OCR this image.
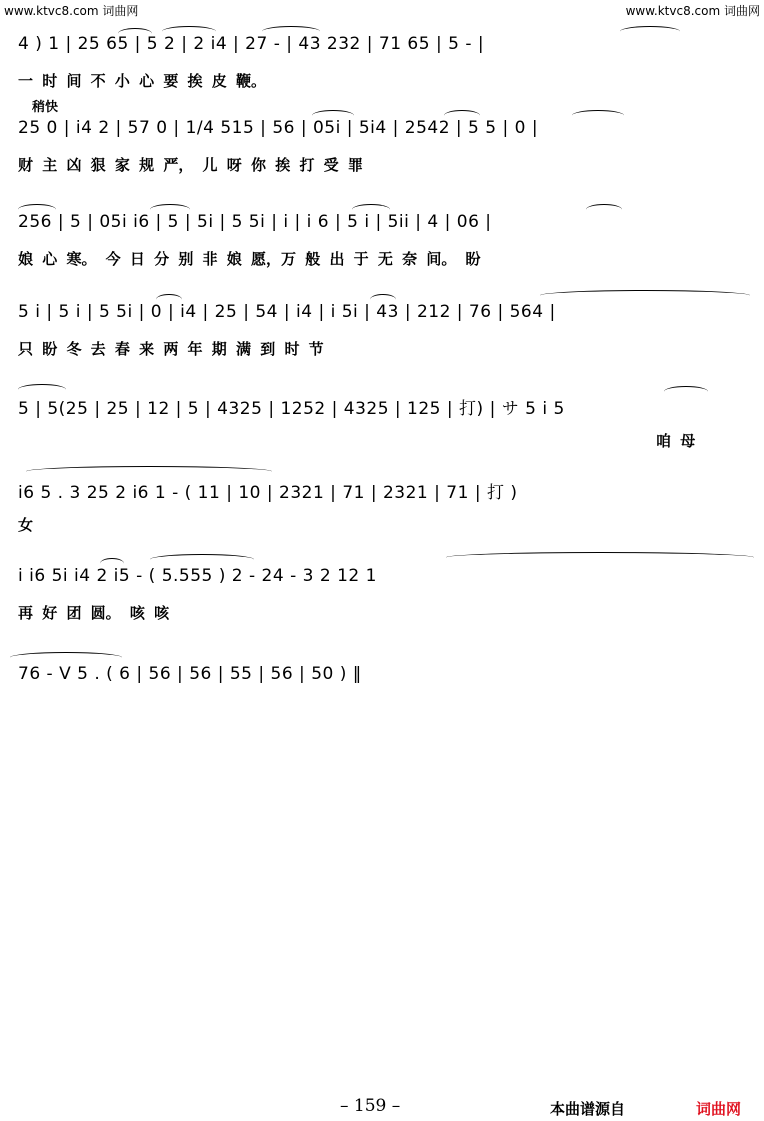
www.ktvc8.com 词曲网	www.ktvc8.com 词曲网
4 ) 1 | 25 65 | 5 2 | 2 i4 | 27 - | 43 232 | 71 65 | 5 - |
一 时 间 不 小 心 要 挨 皮 鞭。
稍快
25 0 | i4 2 | 57 0 | 1/4 515 | 56 | 05i | 5i4 | 2542 | 5 5 | 0 |
财 主 凶 狠 家 规 严， 儿 呀 你 挨 打 受 罪
256 | 5 | 05i i6 | 5 | 5i | 5 5i | i | i 6 | 5 i | 5ii | 4 | 06 |
娘 心 寒。 今 日 分 别 非 娘 愿，万 般 出 于 无 奈 间。 盼
5 i | 5 i | 5 5i | 0 | i4 | 25 | 54 | i4 | i 5i | 43 | 212 | 76 | 564 |
只 盼 冬 去 春 来 两 年 期 满 到 时 节
5 | 5(25 | 25 | 12 | 5 | 4325 | 1252 | 4325 | 125 | 打) | サ 5 i 5
咱 母
i6 5 . 3 25 2 i6 1 - ( 11 | 10 | 2321 | 71 | 2321 | 71 | 打 )
女
i i6 5i i4 2 i5 - ( 5.555 ) 2 - 24 - 3 2 12 1
再 好 团 圆。 咳 咳
76 - V 5 . ( 6 | 56 | 56 | 55 | 56 | 50 ) ‖
– 159 –	本曲谱源自	词曲网
